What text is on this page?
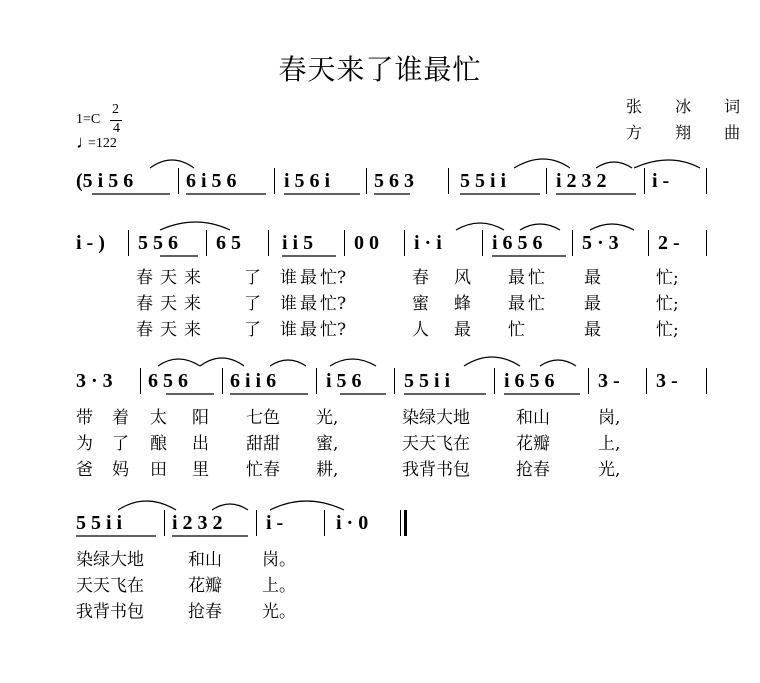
春天来了谁最忙
张 冰 词
方 翔 曲
1=C
2
4
♩
=122
(5 i 5 6	6 i 5 6 i 5 6 i 5 6 3 5 5 i i i 2 3 2 i -
i - ) 5 5 6 6 5 i i 5 0 0 i · i	i 6 5 6 5 · 3 2 -
春 天 来	了 谁 最 忙?	春 风 最 忙 最	忙;
春 天 来	了 谁 最 忙?	蜜 蜂 最 忙 最	忙;
春 天 来	了 谁 最 忙?	人 最 忙	最	忙;
3 · 3 6 5 6 6 i i 6 i 5 6 5 5 i i	i 6 5 6 3 - 3 -
带 着 太 阳 七色 光,	染绿大地	和山	岗,
为 了 酿 出 甜甜 蜜,	天天飞在	花瓣	上,
爸 妈 田 里 忙春 耕,	我背书包	抢春	光,
5 5 i i i 2 3 2 i -	i · 0
染绿大地	和山 岗。
天天飞在	花瓣 上。
我背书包	抢春 光。
